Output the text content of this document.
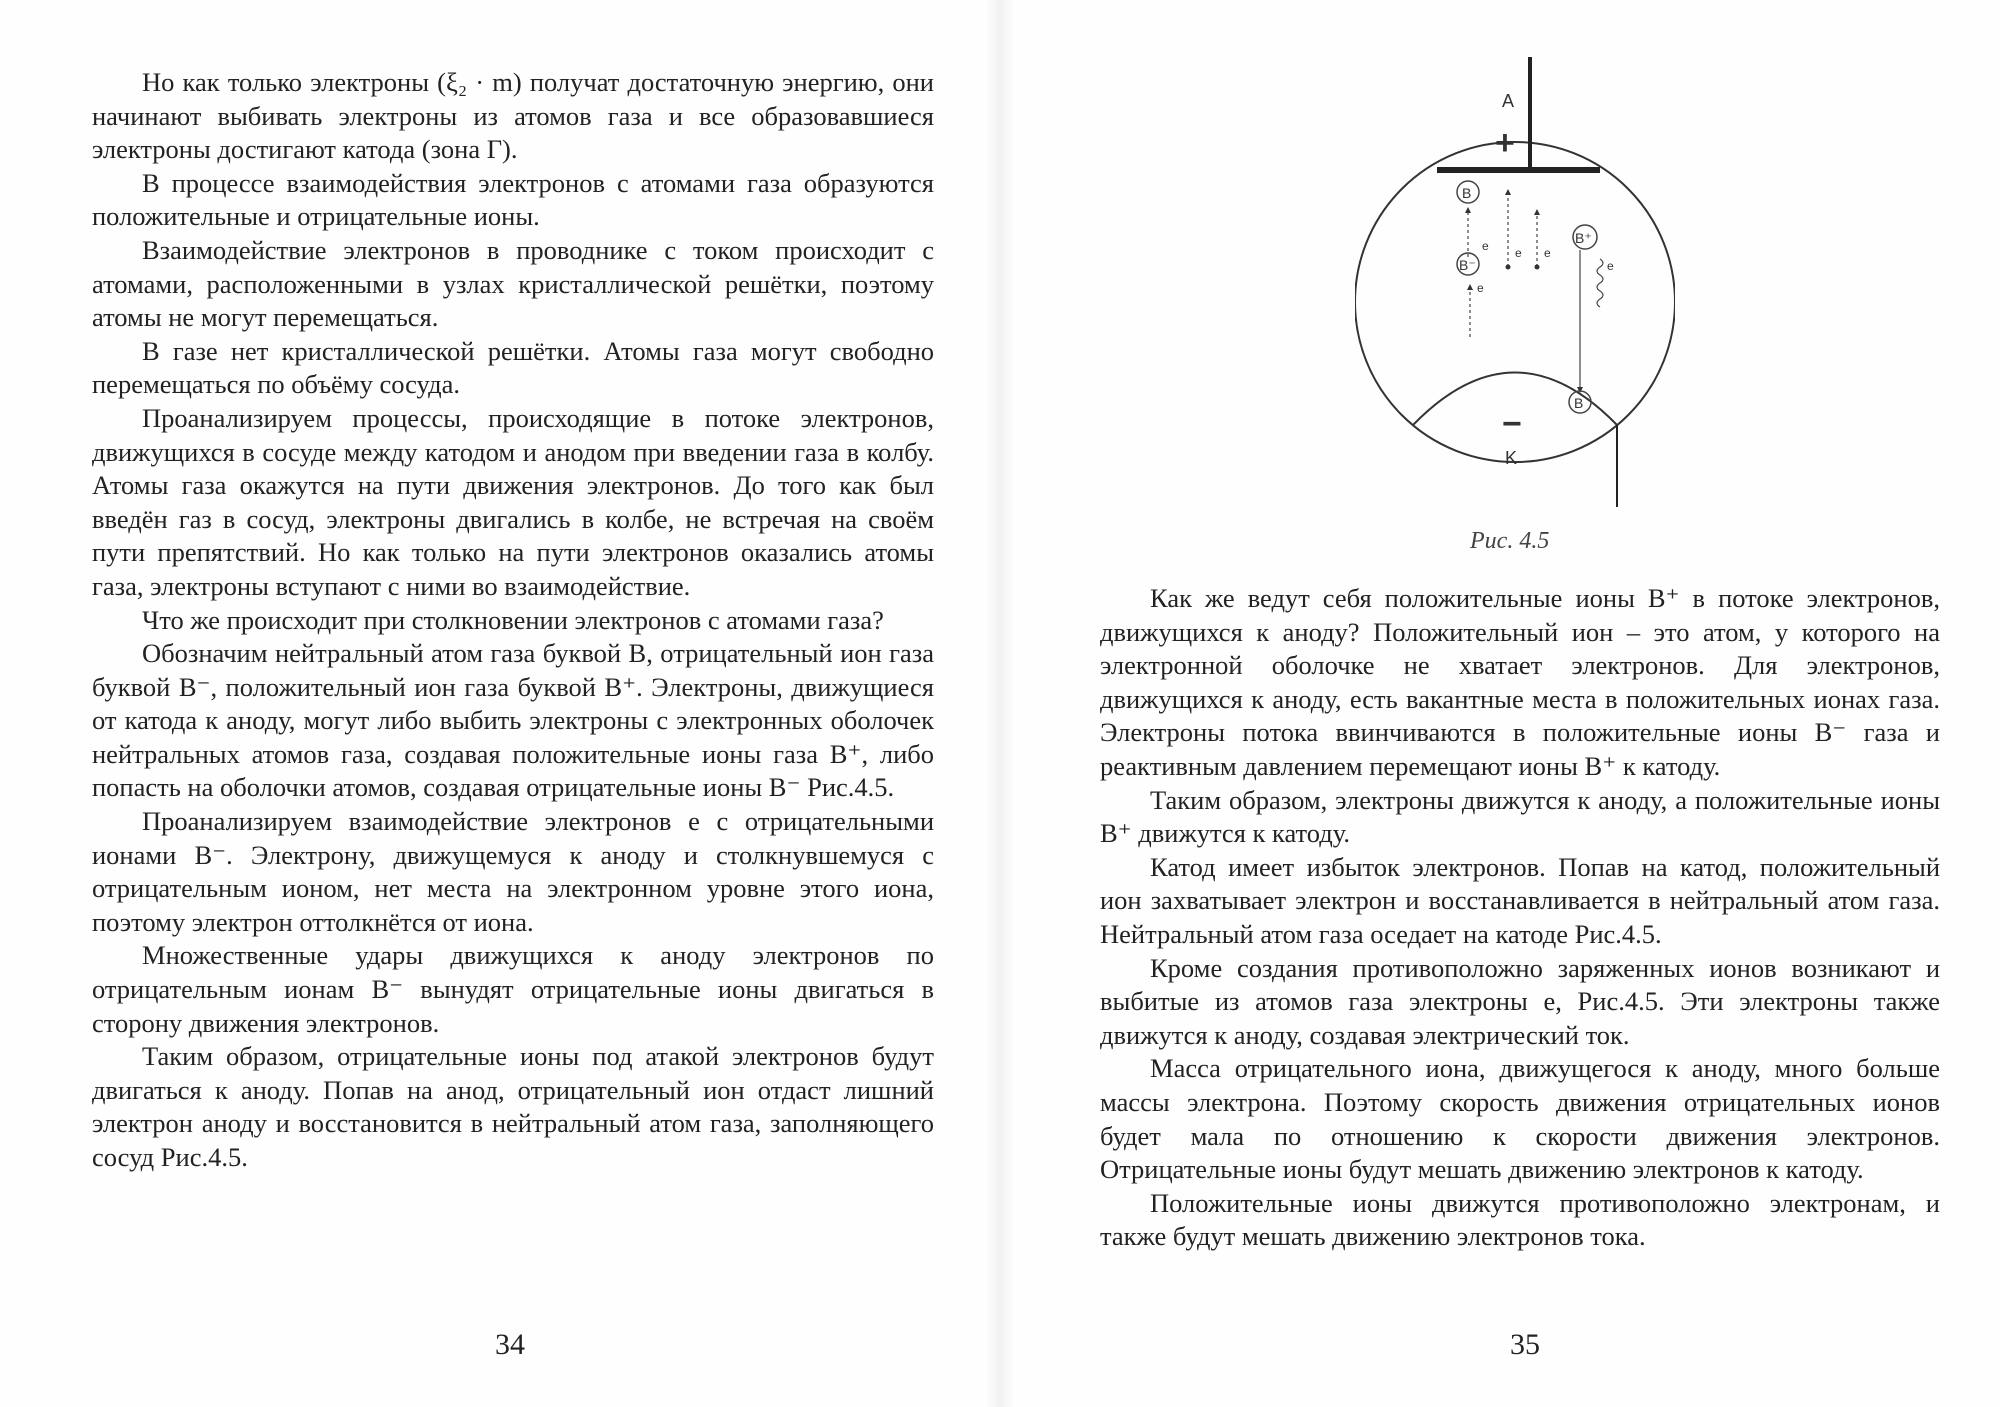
Но как только электроны (ξ₂ · m) получат достаточную энергию, они начинают выбивать электроны из атомов газа и все образовавшиеся электроны достигают катода (зона Г).

В процессе взаимодействия электронов с атомами газа образуются положительные и отрицательные ионы.

Взаимодействие электронов в проводнике с током происходит с атомами, расположенными в узлах кристаллической решётки, поэтому атомы не могут перемещаться.

В газе нет кристаллической решётки. Атомы газа могут свободно перемещаться по объёму сосуда.

Проанализируем процессы, происходящие в потоке электронов, движущихся в сосуде между катодом и анодом при введении газа в колбу. Атомы газа окажутся на пути движения электронов. До того как был введён газ в сосуд, электроны двигались в колбе, не встречая на своём пути препятствий. Но как только на пути электронов оказались атомы газа, электроны вступают с ними во взаимодействие.

Что же происходит при столкновении электронов с атомами газа?

Обозначим нейтральный атом газа буквой B, отрицательный ион газа буквой B⁻, положительный ион газа буквой B⁺. Электроны, движущиеся от катода к аноду, могут либо выбить электроны с электронных оболочек нейтральных атомов газа, создавая положительные ионы газа B⁺, либо попасть на оболочки атомов, создавая отрицательные ионы B⁻ Рис.4.5.

Проанализируем взаимодействие электронов e с отрицательными ионами B⁻. Электрону, движущемуся к аноду и столкнувшемуся с отрицательным ионом, нет места на электронном уровне этого иона, поэтому электрон оттолкнётся от иона.

Множественные удары движущихся к аноду электронов по отрицательным ионам B⁻ вынудят отрицательные ионы двигаться в сторону движения электронов.

Таким образом, отрицательные ионы под атакой электронов будут двигаться к аноду. Попав на анод, отрицательный ион отдаст лишний электрон аноду и восстановится в нейтральный атом газа, заполняющего сосуд Рис.4.5.

34
A
+
−
K
B
B⁻
e
e
e e
B⁺
e
B
Рис. 4.5

Как же ведут себя положительные ионы B⁺ в потоке электронов, движущихся к аноду? Положительный ион – это атом, у которого на электронной оболочке не хватает электронов. Для электронов, движущихся к аноду, есть вакантные места в положительных ионах газа. Электроны потока ввинчиваются в положительные ионы B⁻ газа и реактивным давлением перемещают ионы B⁺ к катоду.

Таким образом, электроны движутся к аноду, а положительные ионы B⁺ движутся к катоду.

Катод имеет избыток электронов. Попав на катод, положительный ион захватывает электрон и восстанавливается в нейтральный атом газа. Нейтральный атом газа оседает на катоде Рис.4.5.

Кроме создания противоположно заряженных ионов возникают и выбитые из атомов газа электроны e, Рис.4.5. Эти электроны также движутся к аноду, создавая электрический ток.

Масса отрицательного иона, движущегося к аноду, много больше массы электрона. Поэтому скорость движения отрицательных ионов будет мала по отношению к скорости движения электронов. Отрицательные ионы будут мешать движению электронов к катоду.

Положительные ионы движутся противоположно электронам, и также будут мешать движению электронов тока.

35
